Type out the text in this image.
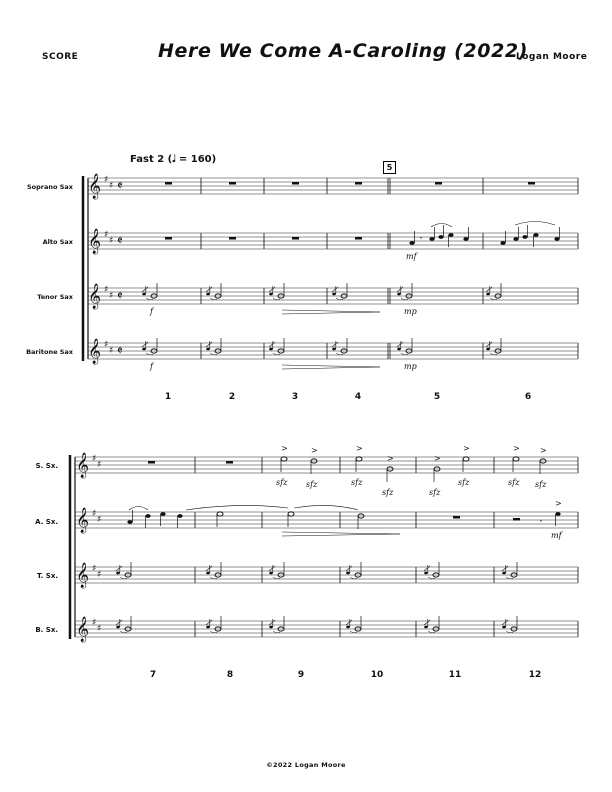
SCORE	Here We Come A-Caroling (2022)
Logan Moore
Fast 2 (𝅗𝅥 = 160)
5
Soprano Sax
Alto Sax
Tenor Sax
Baritone Sax
S. Sx.
A. Sx.
T. Sx.
B. Sx.
1	2	3	4	5	6
7	8	9	10	11	12
©2022 Logan Moore
𝄞 ♯
♯ 𝄵
𝄞 ♯
♯ 𝄵
𝄞 ♯
♯ 𝄵
𝄞 ♯
♯ 𝄵
𝄾
mf
f
f
mp
mp
𝄞 ♯
♯
𝄞 ♯
♯
𝄞 ♯
♯
𝄞 ♯
♯
>
sfz
>
sfz
>
sfz
>
sfz
>
sfz
>
sfz
>
sfz
>
sfz
𝄾
>
mf
